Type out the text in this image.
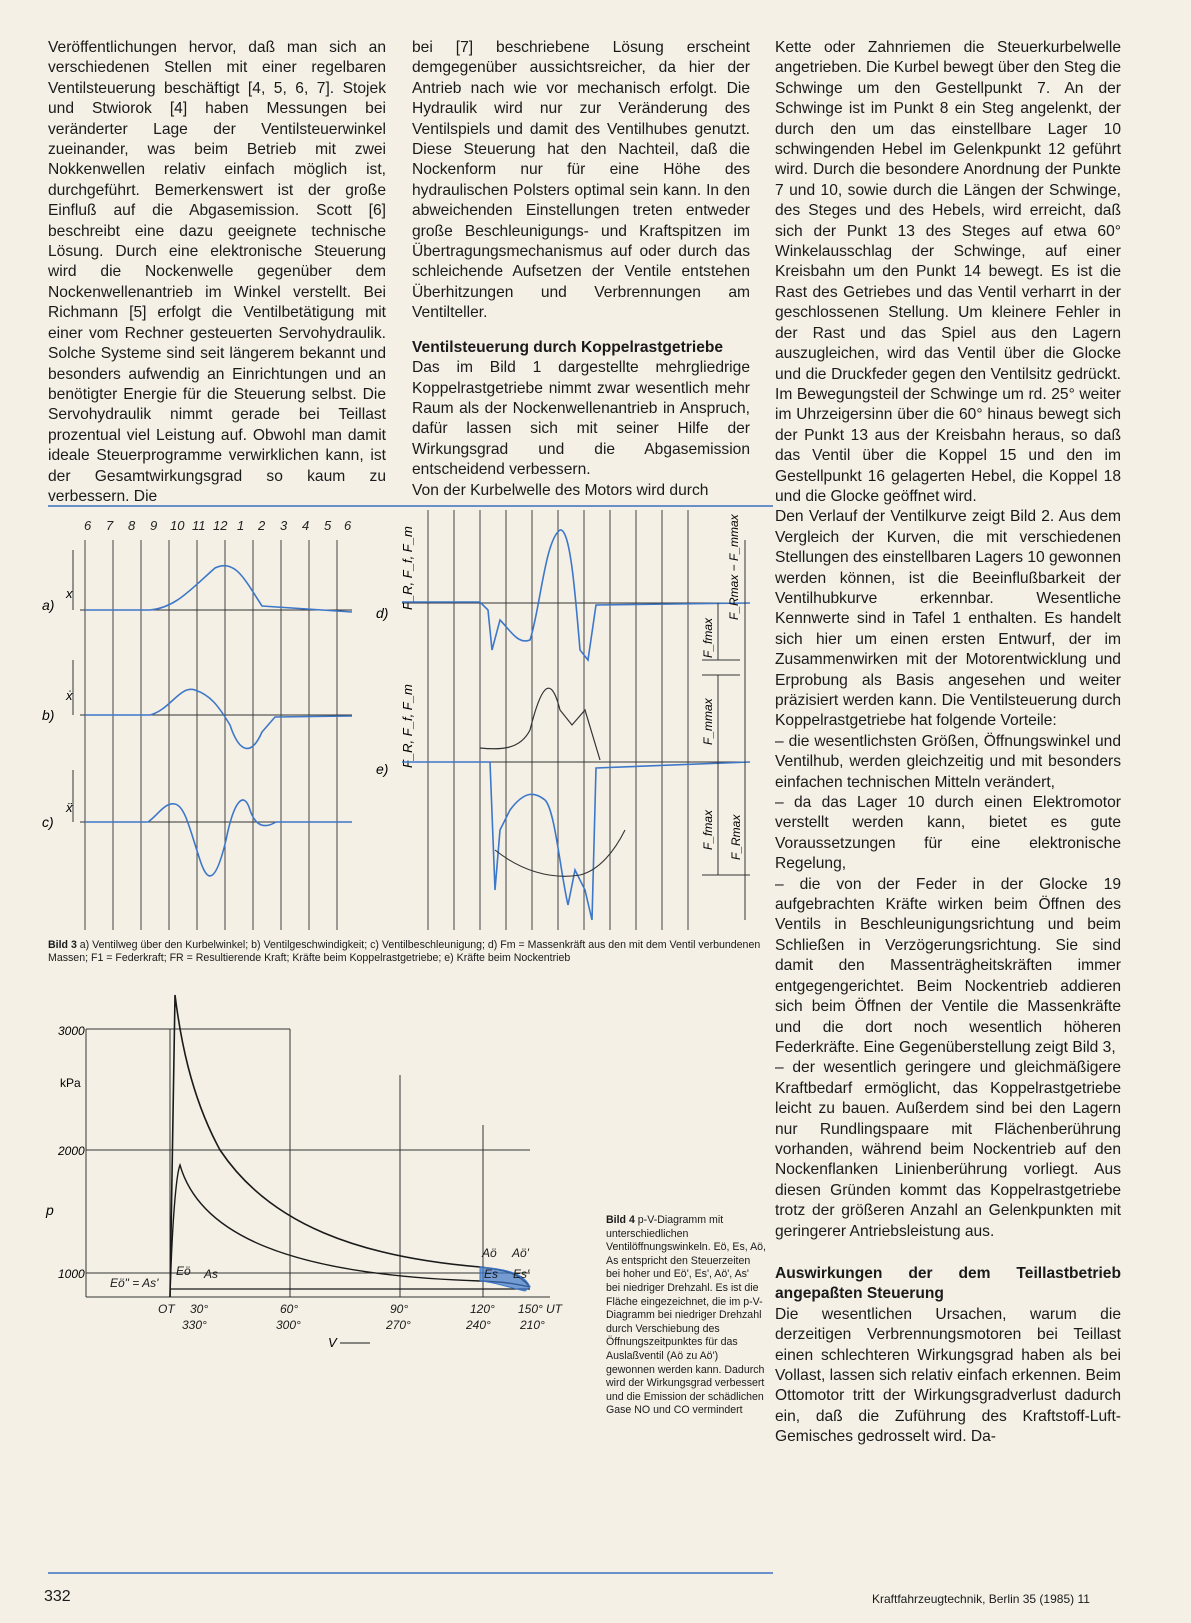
Veröffentlichungen hervor, daß man sich an verschiedenen Stellen mit einer regelbaren Ventilsteuerung beschäftigt [4, 5, 6, 7]. Stojek und Stwiorok [4] haben Messungen bei veränderter Lage der Ventilsteuerwinkel zueinander, was beim Betrieb mit zwei Nokkenwellen relativ einfach möglich ist, durchgeführt. Bemerkenswert ist der große Einfluß auf die Abgasemission. Scott [6] beschreibt eine dazu geeignete technische Lösung. Durch eine elektronische Steuerung wird die Nockenwelle gegenüber dem Nockenwellenantrieb im Winkel verstellt. Bei Richmann [5] erfolgt die Ventilbetätigung mit einer vom Rechner gesteuerten Servohydraulik. Solche Systeme sind seit längerem bekannt und besonders aufwendig an Einrichtungen und an benötigter Energie für die Steuerung selbst. Die Servohydraulik nimmt gerade bei Teillast prozentual viel Leistung auf. Obwohl man damit ideale Steuerprogramme verwirklichen kann, ist der Gesamtwirkungsgrad so kaum zu verbessern. Die

bei [7] beschriebene Lösung erscheint demgegenüber aussichtsreicher, da hier der Antrieb nach wie vor mechanisch erfolgt. Die Hydraulik wird nur zur Veränderung des Ventilspiels und damit des Ventilhubes genutzt. Diese Steuerung hat den Nachteil, daß die Nockenform nur für eine Höhe des hydraulischen Polsters optimal sein kann. In den abweichenden Einstellungen treten entweder große Beschleunigungs- und Kraftspitzen im Übertragungsmechanismus auf oder durch das schleichende Aufsetzen der Ventile entstehen Überhitzungen und Verbrennungen am Ventilteller.

Ventilsteuerung durch Koppelrastgetriebe

Das im Bild 1 dargestellte mehrgliedrige Koppelrastgetriebe nimmt zwar wesentlich mehr Raum als der Nockenwellenantrieb in Anspruch, dafür lassen sich mit seiner Hilfe der Wirkungsgrad und die Abgasemission entscheidend verbessern.

Von der Kurbelwelle des Motors wird durch

Kette oder Zahnriemen die Steuerkurbelwelle angetrieben. Die Kurbel bewegt über den Steg die Schwinge um den Gestellpunkt 7. An der Schwinge ist im Punkt 8 ein Steg angelenkt, der durch den um das einstellbare Lager 10 schwingenden Hebel im Gelenkpunkt 12 geführt wird. Durch die besondere Anordnung der Punkte 7 und 10, sowie durch die Längen der Schwinge, des Steges und des Hebels, wird erreicht, daß sich der Punkt 13 des Steges auf etwa 60° Winkelausschlag der Schwinge, auf einer Kreisbahn um den Punkt 14 bewegt. Es ist die Rast des Getriebes und das Ventil verharrt in der geschlossenen Stellung. Um kleinere Fehler in der Rast und das Spiel aus den Lagern auszugleichen, wird das Ventil über die Glocke und die Druckfeder gegen den Ventilsitz gedrückt. Im Bewegungsteil der Schwinge um rd. 25° weiter im Uhrzeigersinn über die 60° hinaus bewegt sich der Punkt 13 aus der Kreisbahn heraus, so daß das Ventil über die Koppel 15 und den im Gestellpunkt 16 gelagerten Hebel, die Koppel 18 und die Glocke geöffnet wird.

Den Verlauf der Ventilkurve zeigt Bild 2. Aus dem Vergleich der Kurven, die mit verschiedenen Stellungen des einstellbaren Lagers 10 gewonnen werden können, ist die Beeinflußbarkeit der Ventilhubkurve erkennbar. Wesentliche Kennwerte sind in Tafel 1 enthalten. Es handelt sich hier um einen ersten Entwurf, der im Zusammenwirken mit der Motorentwicklung und Erprobung als Basis angesehen und weiter präzisiert werden kann. Die Ventilsteuerung durch Koppelrastgetriebe hat folgende Vorteile:

– die wesentlichsten Größen, Öffnungswinkel und Ventilhub, werden gleichzeitig und mit besonders einfachen technischen Mitteln verändert,

– da das Lager 10 durch einen Elektromotor verstellt werden kann, bietet es gute Voraussetzungen für eine elektronische Regelung,

– die von der Feder in der Glocke 19 aufgebrachten Kräfte wirken beim Öffnen des Ventils in Beschleunigungsrichtung und beim Schließen in Verzögerungsrichtung. Sie sind damit den Massenträgheitskräften immer entgegengerichtet. Beim Nockentrieb addieren sich beim Öffnen der Ventile die Massenkräfte und die dort noch wesentlich höheren Federkräfte. Eine Gegenüberstellung zeigt Bild 3,

– der wesentlich geringere und gleichmäßigere Kraftbedarf ermöglicht, das Koppelrastgetriebe leicht zu bauen. Außerdem sind bei den Lagern nur Rundlingspaare mit Flächenberührung vorhanden, während beim Nockentrieb auf den Nockenflanken Linienberührung vorliegt. Aus diesen Gründen kommt das Koppelrastgetriebe trotz der größeren Anzahl an Gelenkpunkten mit geringerer Antriebsleistung aus.

Auswirkungen der dem Teillastbetrieb angepaßten Steuerung

Die wesentlichen Ursachen, warum die derzeitigen Verbrennungsmotoren bei Teillast einen schlechteren Wirkungsgrad haben als bei Vollast, lassen sich relativ einfach erkennen. Beim Ottomotor tritt der Wirkungsgradverlust dadurch ein, daß die Zuführung des Kraftstoff-Luft-Gemisches gedrosselt wird. Da-

6 7 8 9 10 11 12 1 2 3 4 5 6
a)
x
b)
ẋ
c)
ẍ
d)
e)
F_R, F_f, F_m
F_R, F_f, F_m
F_Rmax − F_mmax
F_fmax
F_mmax
F_fmax F_Rmax
Bild 3 a) Ventilweg über den Kurbelwinkel; b) Ventilgeschwindigkeit; c) Ventilbeschleunigung; d) Fm = Massenkräft aus den mit dem Ventil verbundenen Massen; F1 = Federkraft; FR = Resultierende Kraft; Kräfte beim Koppelrastgetriebe; e) Kräfte beim Nockentrieb
3000
kPa
2000
1000
p
Eö" = As'
Eö As
Aö Aö'
Es Es'
OT 30°	60°	90°	120° 150° UT
330°	300°	270°	240° 210°
V
Bild 4 p-V-Diagramm mit unterschiedlichen Ventilöffnungswinkeln. Eö, Es, Aö, As entspricht den Steuerzeiten bei hoher und Eö', Es', Aö', As' bei niedriger Drehzahl. Es ist die Fläche eingezeichnet, die im p-V-Diagramm bei niedriger Drehzahl durch Verschiebung des Öffnungszeitpunktes für das Auslaßventil (Aö zu Aö') gewonnen werden kann. Dadurch wird der Wirkungsgrad verbessert und die Emission der schädlichen Gase NO und CO vermindert
332	Kraftfahrzeugtechnik, Berlin 35 (1985) 11
